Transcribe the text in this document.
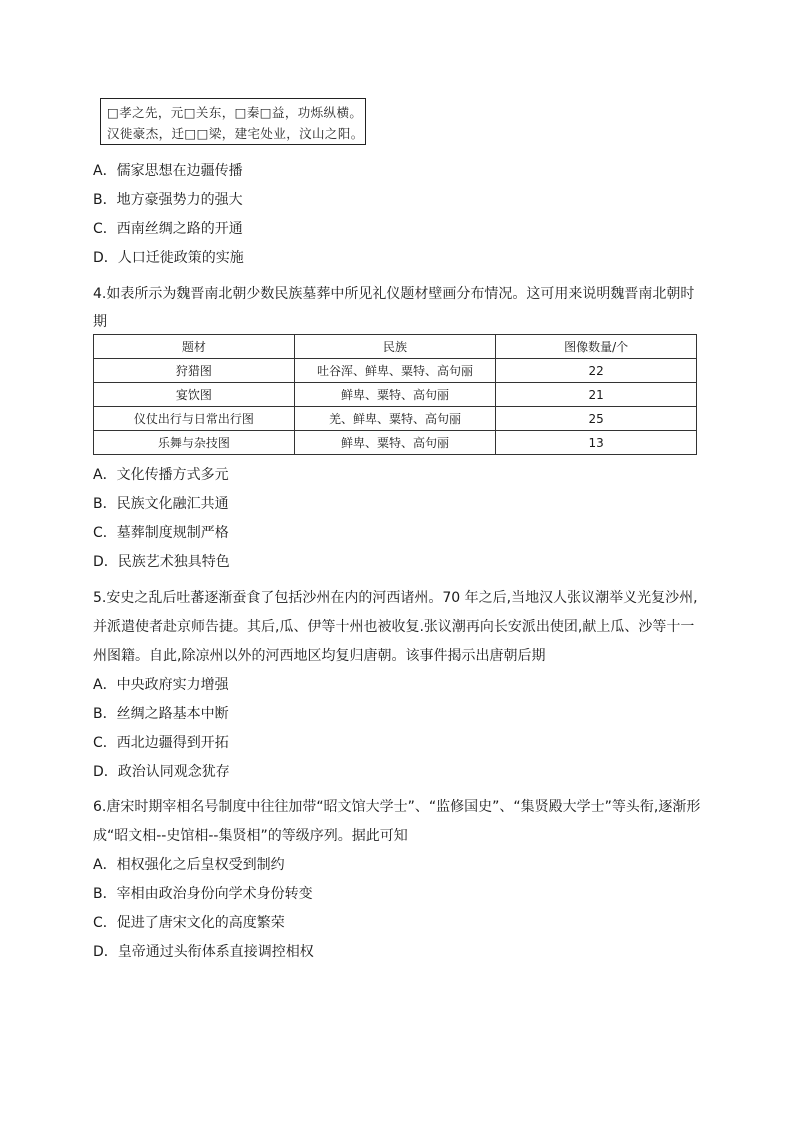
□孝之先，元□关东，□秦□益，功烁纵横。
汉徙豪杰，迁□□梁，建宅处业，汶山之阳。
A．儒家思想在边疆传播
B．地方豪强势力的强大
C．西南丝绸之路的开通
D．人口迁徙政策的实施
4.如表所示为魏晋南北朝少数民族墓葬中所见礼仪题材壁画分布情况。这可用来说明魏晋南北朝时
期
题材	民族	图像数量/个
狩猎图	吐谷浑、鲜卑、粟特、高句丽	22
宴饮图	鲜卑、粟特、高句丽	21
仪仗出行与日常出行图	羌、鲜卑、粟特、高句丽	25
乐舞与杂技图	鲜卑、粟特、高句丽	13
A．文化传播方式多元
B．民族文化融汇共通
C．墓葬制度规制严格
D．民族艺术独具特色
5.安史之乱后吐蕃逐渐蚕食了包括沙州在内的河西诸州。70 年之后,当地汉人张议潮举义光复沙州,
并派遣使者赴京师告捷。其后,瓜、伊等十州也被收复.张议潮再向长安派出使团,献上瓜、沙等十一
州图籍。自此,除凉州以外的河西地区均复归唐朝。该事件揭示出唐朝后期
A．中央政府实力增强
B．丝绸之路基本中断
C．西北边疆得到开拓
D．政治认同观念犹存
6.唐宋时期宰相名号制度中往往加带“昭文馆大学士”、“监修国史”、“集贤殿大学士”等头衔,逐渐形
成“昭文相--史馆相--集贤相”的等级序列。据此可知
A．相权强化之后皇权受到制约
B．宰相由政治身份向学术身份转变
C．促进了唐宋文化的高度繁荣
D．皇帝通过头衔体系直接调控相权
